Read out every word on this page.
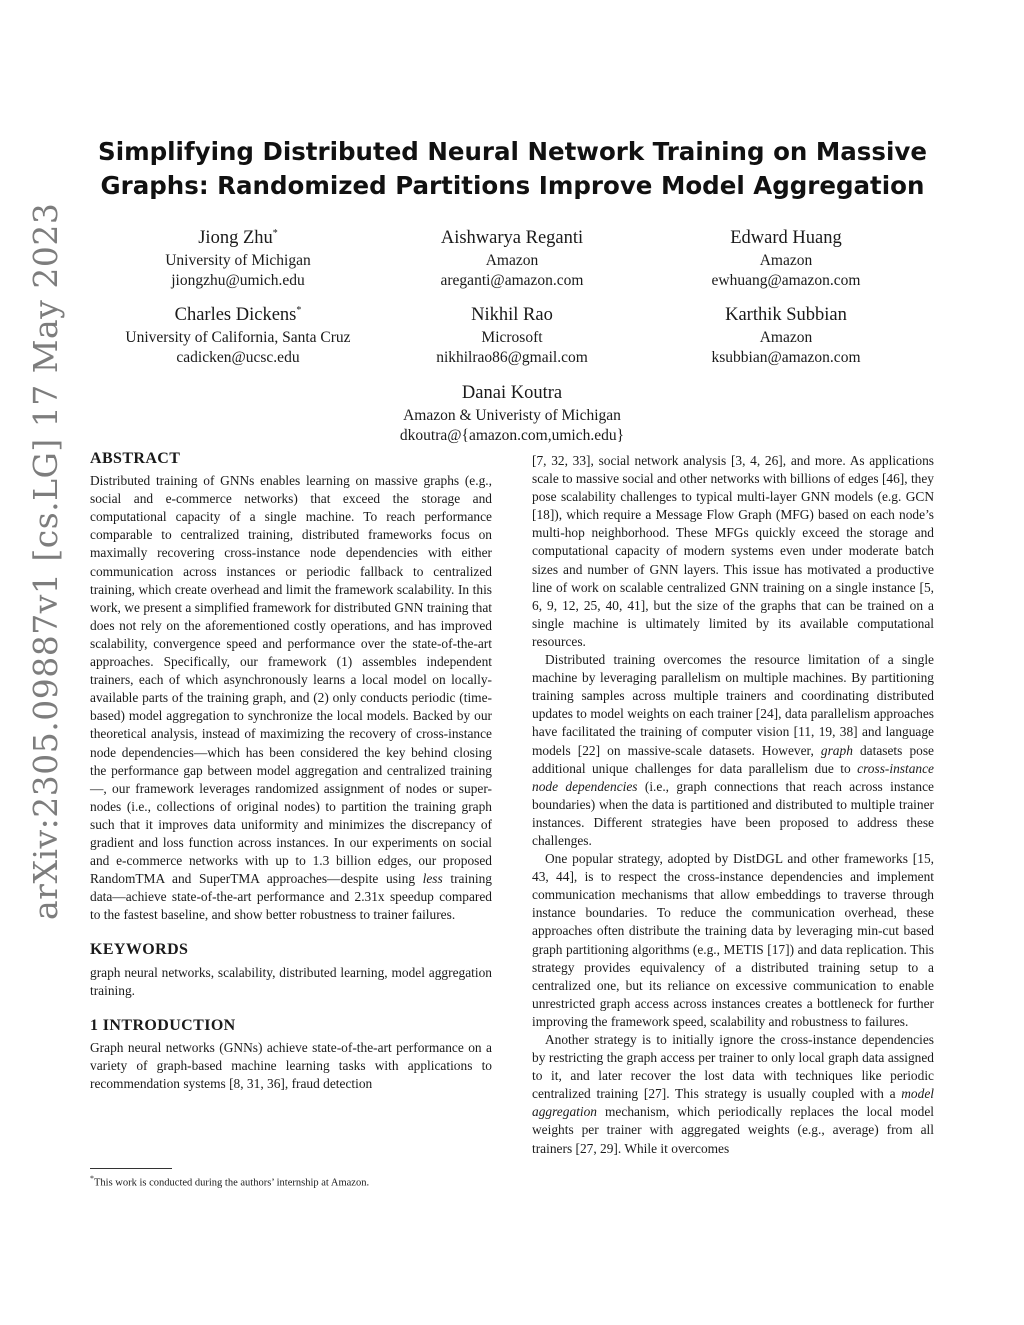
arXiv:2305.09887v1 [cs.LG] 17 May 2023
Simplifying Distributed Neural Network Training on Massive
Graphs: Randomized Partitions Improve Model Aggregation
Jiong Zhu*
University of Michigan
jiongzhu@umich.edu
Aishwarya Reganti
Amazon
areganti@amazon.com
Edward Huang
Amazon
ewhuang@amazon.com
Charles Dickens*
University of California, Santa Cruz
cadicken@ucsc.edu
Nikhil Rao
Microsoft
nikhilrao86@gmail.com
Karthik Subbian
Amazon
ksubbian@amazon.com
Danai Koutra
Amazon & Univeristy of Michigan
dkoutra@{amazon.com,umich.edu}
ABSTRACT

Distributed training of GNNs enables learning on massive graphs (e.g., social and e-commerce networks) that exceed the storage and computational capacity of a single machine. To reach performance comparable to centralized training, distributed frameworks focus on maximally recovering cross-instance node dependencies with either communication across instances or periodic fallback to centralized training, which create overhead and limit the framework scalability. In this work, we present a simplified framework for distributed GNN training that does not rely on the aforementioned costly operations, and has improved scalability, convergence speed and performance over the state-of-the-art approaches. Specifically, our framework (1) assembles independent trainers, each of which asynchronously learns a local model on locally-available parts of the training graph, and (2) only conducts periodic (time-based) model aggregation to synchronize the local models. Backed by our theoretical analysis, instead of maximizing the recovery of cross-instance node dependencies—which has been considered the key behind closing the performance gap between model aggregation and centralized training—, our framework leverages randomized assignment of nodes or super-nodes (i.e., collections of original nodes) to partition the training graph such that it improves data uniformity and minimizes the discrepancy of gradient and loss function across instances. In our experiments on social and e-commerce networks with up to 1.3 billion edges, our proposed RandomTMA and SuperTMA approaches—despite using less training data—achieve state-of-the-art performance and 2.31x speedup compared to the fastest baseline, and show better robustness to trainer failures.

KEYWORDS

graph neural networks, scalability, distributed learning, model aggregation training.

1 INTRODUCTION

Graph neural networks (GNNs) achieve state-of-the-art performance on a variety of graph-based machine learning tasks with applications to recommendation systems [8, 31, 36], fraud detection

*This work is conducted during the authors’ internship at Amazon.

[7, 32, 33], social network analysis [3, 4, 26], and more. As applications scale to massive social and other networks with billions of edges [46], they pose scalability challenges to typical multi-layer GNN models (e.g. GCN [18]), which require a Message Flow Graph (MFG) based on each node’s multi-hop neighborhood. These MFGs quickly exceed the storage and computational capacity of modern systems even under moderate batch sizes and number of GNN layers. This issue has motivated a productive line of work on scalable centralized GNN training on a single instance [5, 6, 9, 12, 25, 40, 41], but the size of the graphs that can be trained on a single machine is ultimately limited by its available computational resources.

Distributed training overcomes the resource limitation of a single machine by leveraging parallelism on multiple machines. By partitioning training samples across multiple trainers and coordinating distributed updates to model weights on each trainer [24], data parallelism approaches have facilitated the training of computer vision [11, 19, 38] and language models [22] on massive-scale datasets. However, graph datasets pose additional unique challenges for data parallelism due to cross-instance node dependencies (i.e., graph connections that reach across instance boundaries) when the data is partitioned and distributed to multiple trainer instances. Different strategies have been proposed to address these challenges.

One popular strategy, adopted by DistDGL and other frameworks [15, 43, 44], is to respect the cross-instance dependencies and implement communication mechanisms that allow embeddings to traverse through instance boundaries. To reduce the communication overhead, these approaches often distribute the training data by leveraging min-cut based graph partitioning algorithms (e.g., METIS [17]) and data replication. This strategy provides equivalency of a distributed training setup to a centralized one, but its reliance on excessive communication to enable unrestricted graph access across instances creates a bottleneck for further improving the framework speed, scalability and robustness to failures.

Another strategy is to initially ignore the cross-instance dependencies by restricting the graph access per trainer to only local graph data assigned to it, and later recover the lost data with techniques like periodic centralized training [27]. This strategy is usually coupled with a model aggregation mechanism, which periodically replaces the local model weights per trainer with aggregated weights (e.g., average) from all trainers [27, 29]. While it overcomes
